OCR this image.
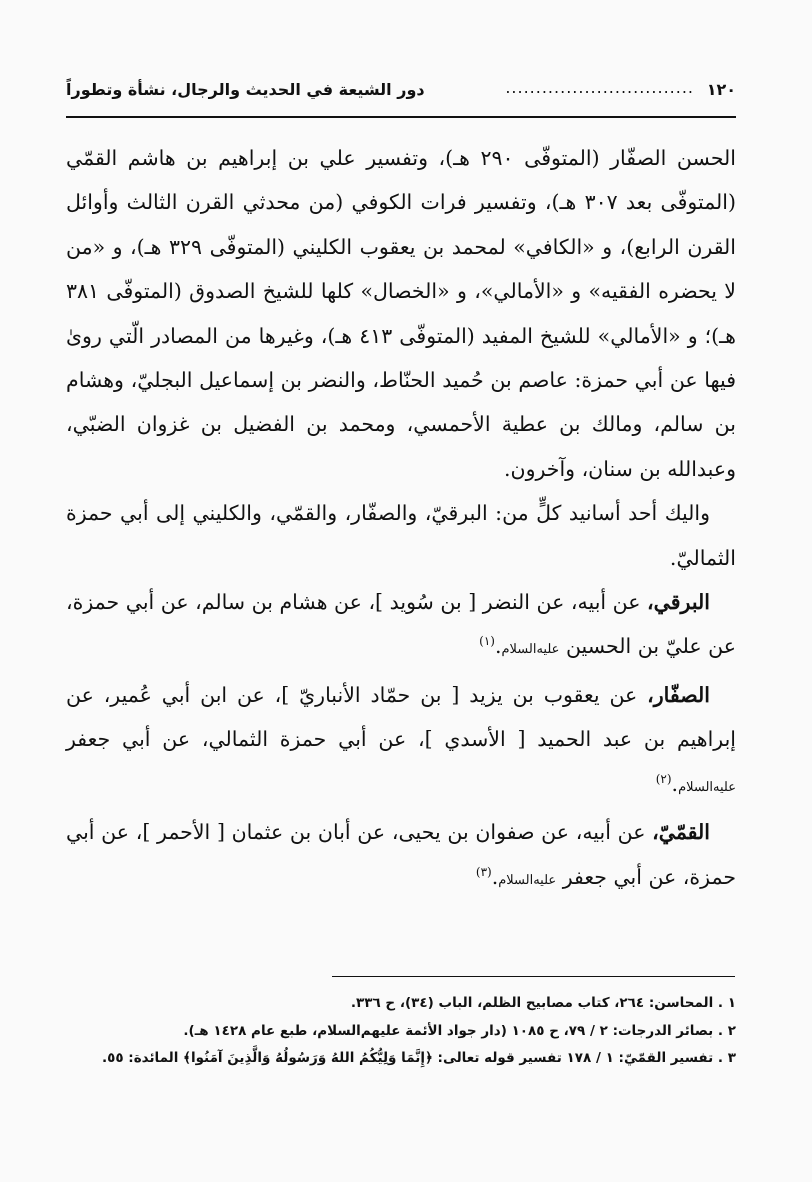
١٢٠
...............................
دور الشيعة في الحديث والرجال، نشأة وتطوراً

الحسن الصفّار (المتوفّى ٢٩٠ هـ)، وتفسير علي بن إبراهيم بن هاشم القمّي (المتوفّى بعد ٣٠٧ هـ)، وتفسير فرات الكوفي (من محدثي القرن الثالث وأوائل القرن الرابع)، و «الكافي» لمحمد بن يعقوب الكليني (المتوفّى ٣٢٩ هـ)، و «من لا يحضره الفقيه» و «الأمالي»، و «الخصال» كلها للشيخ الصدوق (المتوفّى ٣٨١ هـ)؛ و «الأمالي» للشيخ المفيد (المتوفّى ٤١٣ هـ)، وغيرها من المصادر الّتي روىٰ فيها عن أبي حمزة: عاصم بن حُميد الحنّاط، والنضر بن إسماعيل البجليّ، وهشام بن سالم، ومالك بن عطية الأحمسي، ومحمد بن الفضيل بن غزوان الضبّي، وعبدالله بن سنان، وآخرون.

واليك أحد أسانيد كلٍّ من: البرقيّ، والصفّار، والقمّي، والكليني إلى أبي حمزة الثماليّ.

البرقي، عن أبيه، عن النضر [ بن سُويد ]، عن هشام بن سالم، عن أبي حمزة، عن عليّ بن الحسين عليه‌السلام.$^{(١)}$

الصفّار، عن يعقوب بن يزيد [ بن حمّاد الأنباريّ ]، عن ابن أبي عُمير، عن إبراهيم بن عبد الحميد [ الأسدي ]، عن أبي حمزة الثمالي، عن أبي جعفر عليه‌السلام.$^{(٢)}$

القمّيّ، عن أبيه، عن صفوان بن يحيى، عن أبان بن عثمان [ الأحمر ]، عن أبي حمزة، عن أبي جعفر عليه‌السلام.$^{(٣)}$

١ . المحاسن: ٢٦٤، كتاب مصابيح الظلم، الباب (٣٤)، ح ٣٣٦.

٢ . بصائر الدرجات: ٢ / ٧٩، ح ١٠٨٥ (دار جواد الأئمة عليهم‌السلام، طبع عام ١٤٢٨ هـ).

٣ . تفسير القمّيّ: ١ / ١٧٨ تفسير قوله تعالى: ﴿إِنَّمَا وَلِيُّكُمُ اللهُ وَرَسُولُهُ وَالَّذِينَ آمَنُوا﴾ المائدة: ٥٥.
